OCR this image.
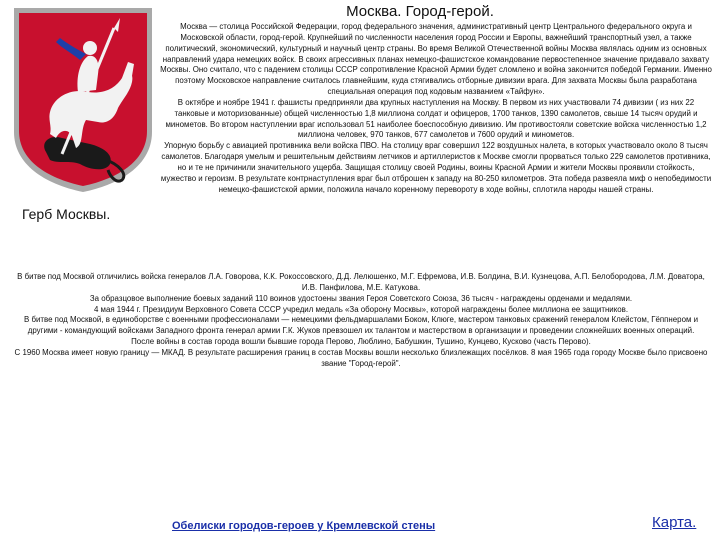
Москва. Город-герой.
Герб Москвы.

Москва — столица Российской Федерации, город федерального значения, административный центр Центрального федерального округа и Московской области, город-герой. Крупнейший по численности населения город России и Европы, важнейший транспортный узел, а также политический, экономический, культурный и научный центр страны. Во время Великой Отечественной войны Москва являлась одним из основных направлений удара немецких войск. В своих агрессивных планах немецко-фашистское командование первостепенное значение придавало захвату Москвы. Оно считало, что с падением столицы СССР сопротивление Красной Армии будет сломлено и война закончится победой Германии. Именно поэтому Московское направление считалось главнейшим, куда стягивались отборные дивизии врага. Для захвата Москвы была разработана специальная операция под кодовым названием «Тайфун».

В октябре и ноябре 1941 г. фашисты предприняли два крупных наступления на Москву. В первом из них участвовали 74 дивизии ( из них 22 танковые и моторизованные) общей численностью 1,8 миллиона солдат и офицеров, 1700 танков, 1390 самолетов, свыше 14 тысяч орудий и минометов. Во втором наступлении враг использовал 51 наиболее боеспособную дивизию. Им противостояли советские войска численностью 1,2 миллиона человек, 970 танков, 677 самолетов и 7600 орудий и минометов.

Упорную борьбу с авиацией противника вели войска ПВО. На столицу враг совершил 122 воздушных налета, в которых участвовало около 8 тысяч самолетов. Благодаря умелым и решительным действиям летчиков и артиллеристов к Москве смогли прорваться только 229 самолетов противника, но и те не причинили значительного ущерба. Защищая столицу своей Родины, воины Красной Армии и жители Москвы проявили стойкость, мужество и героизм. В результате контрнаступления враг был отброшен к западу на 80-250 километров. Эта победа развеяла миф о непобедимости немецко-фашистской армии, положила начало коренному перевороту в ходе войны, сплотила народы нашей страны.

В битве под Москвой отличились войска генералов Л.А. Говорова, К.К. Рокоссовского, Д.Д. Лелюшенко, М.Г. Ефремова, И.В. Болдина, В.И. Кузнецова, А.П. Белобородова, Л.М. Доватора, И.В. Панфилова, М.Е. Катукова.

За образцовое выполнение боевых заданий 110 воинов удостоены звания Героя Советского Союза, 36 тысяч - награждены орденами и медалями.

4 мая 1944 г. Президиум Верховного Совета СССР учредил медаль «За оборону Москвы», которой награждены более миллиона ее защитников.

В битве под Москвой, в единоборстве с военными профессионалами — немецкими фельдмаршалами Боком, Клюге, мастером танковых сражений генералом Клейстом, Гёппнером и другими - командующий войсками Западного фронта генерал армии Г.К. Жуков превзошел их талантом и мастерством в организации и проведении сложнейших военных операций.

После войны в состав города вошли бывшие города Перово, Люблино, Бабушкин, Тушино, Кунцево, Кусково (часть Перово).

С 1960 Москва имеет новую границу — МКАД. В результате расширения границ в состав Москвы вошли несколько близлежащих посёлков. 8 мая 1965 года городу Москве было присвоено звание "Город-герой".

Обелиски городов-героев у Кремлевской стены	Карта.
